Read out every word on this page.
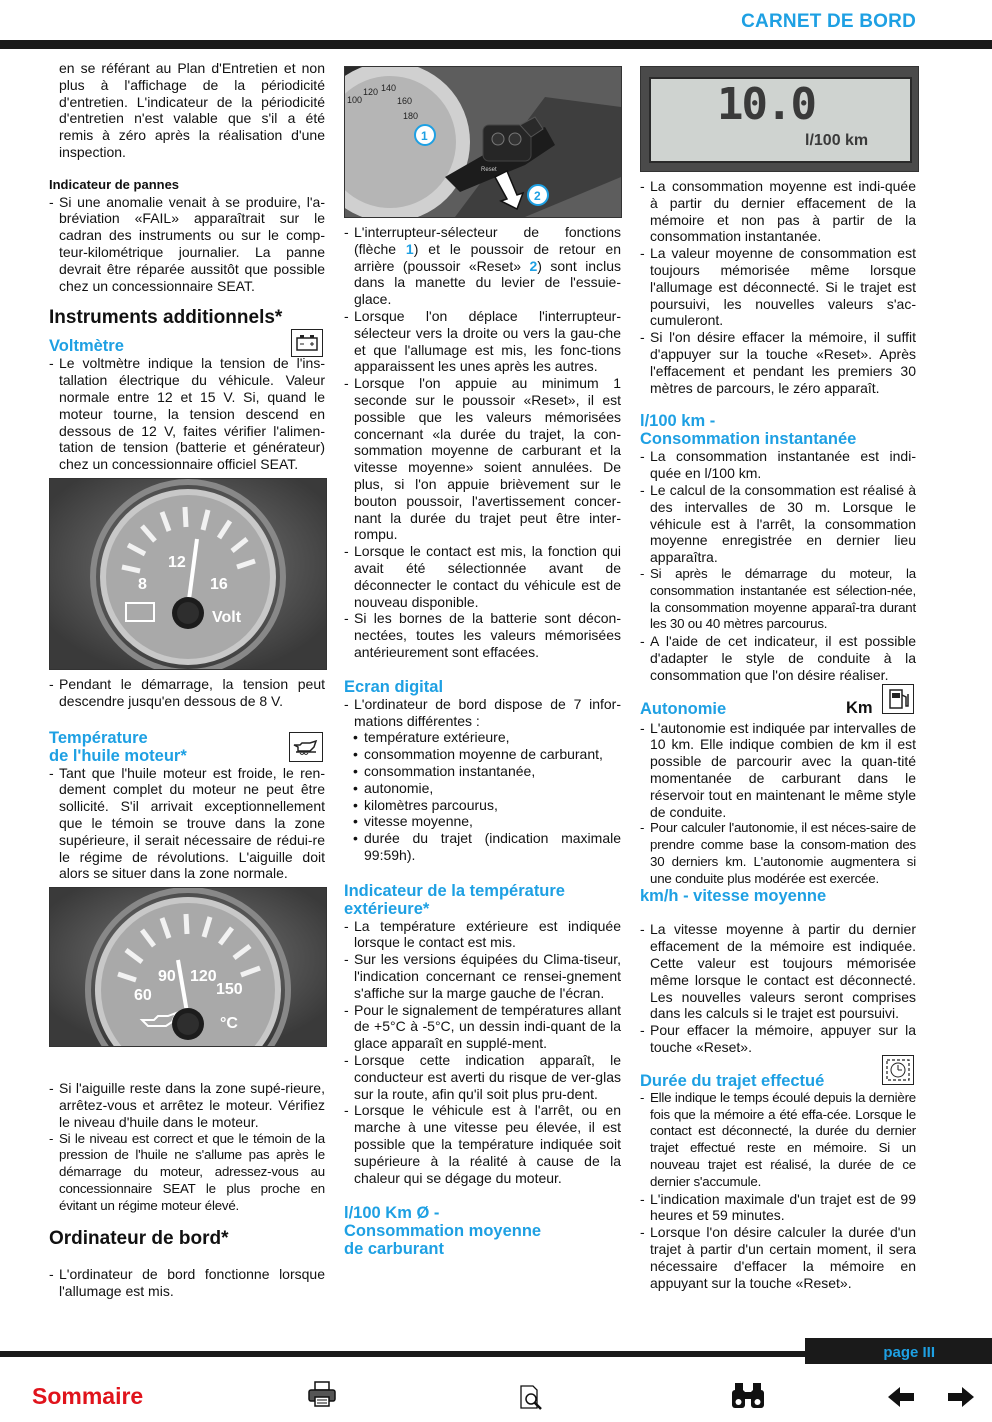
CARNET DE BORD

en se référant au Plan d'Entretien et non plus à l'affichage de la périodicité d'entretien. L'indicateur de la périodicité d'entretien n'est valable que s'il a été remis à zéro après la réalisation d'une inspection.

Indicateur de pannes

- Si une anomalie venait à se produire, l'a-bréviation «FAIL» apparaîtrait sur le cadran des instruments ou sur le comp-teur-kilométrique journalier. La panne devrait être réparée aussitôt que possible chez un concessionnaire SEAT.

Instruments additionnels*
Voltmètre

- Le voltmètre indique la tension de l'ins-tallation électrique du véhicule. Valeur normale entre 12 et 15 V. Si, quand le moteur tourne, la tension descend en dessous de 12 V, faites vérifier l'alimen-tation de tension (batterie et générateur) chez un concessionnaire officiel SEAT.

8
12
16
Volt

- Pendant le démarrage, la tension peut descendre jusqu'en dessous de 8 V.

Température
de l'huile moteur*

- Tant que l'huile moteur est froide, le ren-dement complet du moteur ne peut être sollicité. S'il arrivait exceptionnellement que le témoin se trouve dans la zone supérieure, il serait nécessaire de rédui-re le régime de révolutions. L'aiguille doit alors se situer dans la zone normale.

60
90 120
150
°C

- Si l'aiguille reste dans la zone supé-rieure, arrêtez-vous et arrêtez le moteur. Vérifiez le niveau d'huile dans le moteur.

- Si le niveau est correct et que le témoin de la pression de l'huile ne s'allume pas après le démarrage du moteur, adressez-vous au concessionnaire SEAT le plus proche en évitant un régime moteur élevé.

Ordinateur de bord*

- L'ordinateur de bord fonctionne lorsque l'allumage est mis.

100
120 140
160
180
Reset
1
2

- L'interrupteur-sélecteur de fonctions (flèche 1) et le poussoir de retour en arrière (poussoir «Reset» 2) sont inclus dans la manette du levier de l'essuie-glace.

- Lorsque l'on déplace l'interrupteur-sélecteur vers la droite ou vers la gau-che et que l'allumage est mis, les fonc-tions apparaissent les unes après les autres.

- Lorsque l'on appuie au minimum 1 seconde sur le poussoir «Reset», il est possible que les valeurs mémorisées concernant «la durée du trajet, la con-sommation moyenne de carburant et la vitesse moyenne» soient annulées. De plus, si l'on appuie brièvement sur le bouton poussoir, l'avertissement concer-nant la durée du trajet peut être inter-rompu.

- Lorsque le contact est mis, la fonction qui avait été sélectionnée avant de déconnecter le contact du véhicule est de nouveau disponible.

- Si les bornes de la batterie sont décon-nectées, toutes les valeurs mémorisées antérieurement sont effacées.

Ecran digital

- L'ordinateur de bord dispose de 7 infor-mations différentes :

• température extérieure,

• consommation moyenne de carburant,

• consommation instantanée,

• autonomie,

• kilomètres parcourus,

• vitesse moyenne,

• durée du trajet (indication maximale 99:59h).

Indicateur de la température
extérieure*

- La température extérieure est indiquée lorsque le contact est mis.

- Sur les versions équipées du Clima-tiseur, l'indication concernant ce rensei-gnement s'affiche sur la marge gauche de l'écran.

- Pour le signalement de températures allant de +5°C à -5°C, un dessin indi-quant de la glace apparaît en supplé-ment.

- Lorsque cette indication apparaît, le conducteur est averti du risque de ver-glas sur la route, afin qu'il soit plus pru-dent.

- Lorsque le véhicule est à l'arrêt, ou en marche à une vitesse peu élevée, il est possible que la température indiquée soit supérieure à la réalité à cause de la chaleur qui se dégage du moteur.

l/100 Km Ø -
Consommation moyenne
de carburant
10.0
l/100 km

- La consommation moyenne est indi-quée à partir du dernier effacement de la mémoire et non pas à partir de la consommation instantanée.

- La valeur moyenne de consommation est toujours mémorisée même lorsque l'allumage est déconnecté. Si le trajet est poursuivi, les nouvelles valeurs s'ac-cumuleront.

- Si l'on désire effacer la mémoire, il suffit d'appuyer sur la touche «Reset». Après l'effacement et pendant les premiers 30 mètres de parcours, le zéro apparaît.

l/100 km -
Consommation instantanée

- La consommation instantanée est indi-quée en l/100 km.

- Le calcul de la consommation est réalisé à des intervalles de 30 m. Lorsque le véhicule est à l'arrêt, la consommation moyenne enregistrée en dernier lieu apparaîtra.

- Si après le démarrage du moteur, la consommation instantanée est sélection-née, la consommation moyenne apparaî-tra durant les 30 ou 40 mètres parcourus.

- A l'aide de cet indicateur, il est possible d'adapter le style de conduite à la consommation que l'on désire réaliser.

Autonomie	Km

- L'autonomie est indiquée par intervalles de 10 km. Elle indique combien de km il est possible de parcourir avec la quan-tité momentanée de carburant dans le réservoir tout en maintenant le même style de conduite.

- Pour calculer l'autonomie, il est néces-saire de prendre comme base la consom-mation des 30 derniers km. L'autonomie augmentera si une conduite plus modérée est exercée.

km/h - vitesse moyenne

- La vitesse moyenne à partir du dernier effacement de la mémoire est indiquée. Cette valeur est toujours mémorisée même lorsque le contact est déconnecté. Les nouvelles valeurs seront comprises dans les calculs si le trajet est poursuivi.

- Pour effacer la mémoire, appuyer sur la touche «Reset».

Durée du trajet effectué

- Elle indique le temps écoulé depuis la dernière fois que la mémoire a été effa-cée. Lorsque le contact est déconnecté, la durée du dernier trajet effectué reste en mémoire. Si un nouveau trajet est réalisé, la durée de ce dernier s'accumule.

- L'indication maximale d'un trajet est de 99 heures et 59 minutes.

- Lorsque l'on désire calculer la durée d'un trajet à partir d'un certain moment, il sera nécessaire d'effacer la mémoire en appuyant sur la touche «Reset».

page III
Sommaire
